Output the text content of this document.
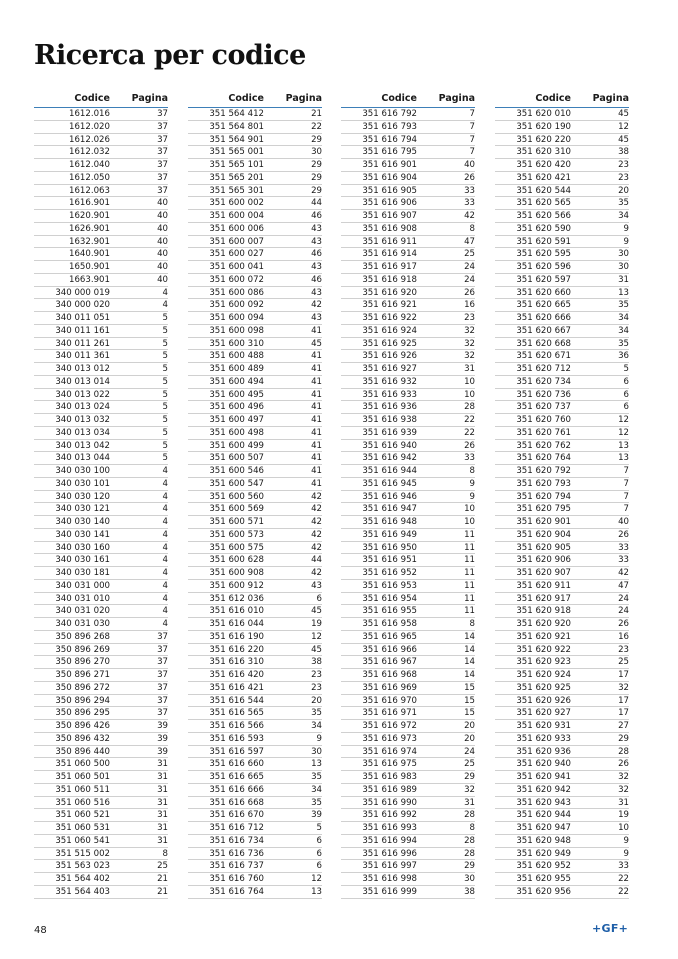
Ricerca per codice
Codice	Pagina
1612.016	37
1612.020	37
1612.026	37
1612.032	37
1612.040	37
1612.050	37
1612.063	37
1616.901	40
1620.901	40
1626.901	40
1632.901	40
1640.901	40
1650.901	40
1663.901	40
340 000 019	4
340 000 020	4
340 011 051	5
340 011 161	5
340 011 261	5
340 011 361	5
340 013 012	5
340 013 014	5
340 013 022	5
340 013 024	5
340 013 032	5
340 013 034	5
340 013 042	5
340 013 044	5
340 030 100	4
340 030 101	4
340 030 120	4
340 030 121	4
340 030 140	4
340 030 141	4
340 030 160	4
340 030 161	4
340 030 181	4
340 031 000	4
340 031 010	4
340 031 020	4
340 031 030	4
350 896 268	37
350 896 269	37
350 896 270	37
350 896 271	37
350 896 272	37
350 896 294	37
350 896 295	37
350 896 426	39
350 896 432	39
350 896 440	39
351 060 500	31
351 060 501	31
351 060 511	31
351 060 516	31
351 060 521	31
351 060 531	31
351 060 541	31
351 515 002	8
351 563 023	25
351 564 402	21
351 564 403	21
Codice	Pagina
351 564 412	21
351 564 801	22
351 564 901	29
351 565 001	30
351 565 101	29
351 565 201	29
351 565 301	29
351 600 002	44
351 600 004	46
351 600 006	43
351 600 007	43
351 600 027	46
351 600 041	43
351 600 072	46
351 600 086	43
351 600 092	42
351 600 094	43
351 600 098	41
351 600 310	45
351 600 488	41
351 600 489	41
351 600 494	41
351 600 495	41
351 600 496	41
351 600 497	41
351 600 498	41
351 600 499	41
351 600 507	41
351 600 546	41
351 600 547	41
351 600 560	42
351 600 569	42
351 600 571	42
351 600 573	42
351 600 575	42
351 600 628	44
351 600 908	42
351 600 912	43
351 612 036	6
351 616 010	45
351 616 044	19
351 616 190	12
351 616 220	45
351 616 310	38
351 616 420	23
351 616 421	23
351 616 544	20
351 616 565	35
351 616 566	34
351 616 593	9
351 616 597	30
351 616 660	13
351 616 665	35
351 616 666	34
351 616 668	35
351 616 670	39
351 616 712	5
351 616 734	6
351 616 736	6
351 616 737	6
351 616 760	12
351 616 764	13
Codice	Pagina
351 616 792	7
351 616 793	7
351 616 794	7
351 616 795	7
351 616 901	40
351 616 904	26
351 616 905	33
351 616 906	33
351 616 907	42
351 616 908	8
351 616 911	47
351 616 914	25
351 616 917	24
351 616 918	24
351 616 920	26
351 616 921	16
351 616 922	23
351 616 924	32
351 616 925	32
351 616 926	32
351 616 927	31
351 616 932	10
351 616 933	10
351 616 936	28
351 616 938	22
351 616 939	22
351 616 940	26
351 616 942	33
351 616 944	8
351 616 945	9
351 616 946	9
351 616 947	10
351 616 948	10
351 616 949	11
351 616 950	11
351 616 951	11
351 616 952	11
351 616 953	11
351 616 954	11
351 616 955	11
351 616 958	8
351 616 965	14
351 616 966	14
351 616 967	14
351 616 968	14
351 616 969	15
351 616 970	15
351 616 971	15
351 616 972	20
351 616 973	20
351 616 974	24
351 616 975	25
351 616 983	29
351 616 989	32
351 616 990	31
351 616 992	28
351 616 993	8
351 616 994	28
351 616 996	28
351 616 997	29
351 616 998	30
351 616 999	38
Codice	Pagina
351 620 010	45
351 620 190	12
351 620 220	45
351 620 310	38
351 620 420	23
351 620 421	23
351 620 544	20
351 620 565	35
351 620 566	34
351 620 590	9
351 620 591	9
351 620 595	30
351 620 596	30
351 620 597	31
351 620 660	13
351 620 665	35
351 620 666	34
351 620 667	34
351 620 668	35
351 620 671	36
351 620 712	5
351 620 734	6
351 620 736	6
351 620 737	6
351 620 760	12
351 620 761	12
351 620 762	13
351 620 764	13
351 620 792	7
351 620 793	7
351 620 794	7
351 620 795	7
351 620 901	40
351 620 904	26
351 620 905	33
351 620 906	33
351 620 907	42
351 620 911	47
351 620 917	24
351 620 918	24
351 620 920	26
351 620 921	16
351 620 922	23
351 620 923	25
351 620 924	17
351 620 925	32
351 620 926	17
351 620 927	17
351 620 931	27
351 620 933	29
351 620 936	28
351 620 940	26
351 620 941	32
351 620 942	32
351 620 943	31
351 620 944	19
351 620 947	10
351 620 948	9
351 620 949	9
351 620 952	33
351 620 955	22
351 620 956	22
48	+GF+
